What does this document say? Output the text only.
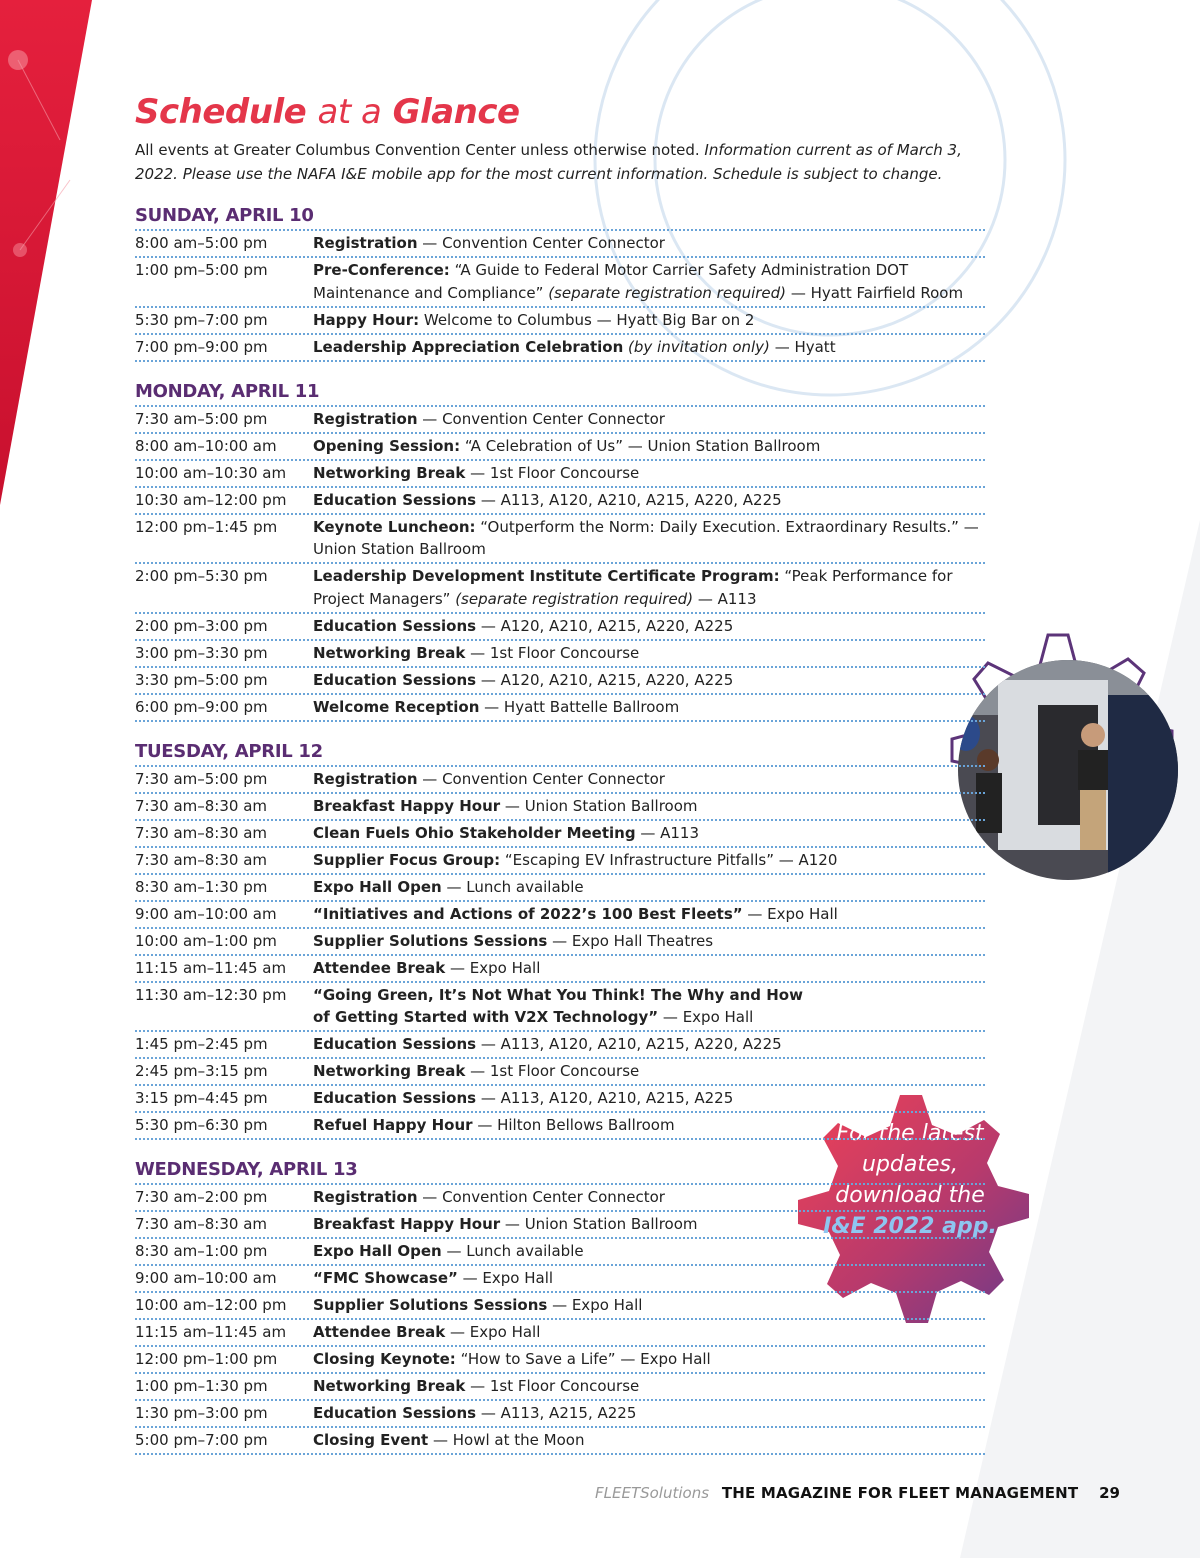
For the latest
updates,
download the
I&E 2022 app.
Schedule at a Glance
All events at Greater Columbus Convention Center unless otherwise noted. Information current as of March 3, 2022. Please use the NAFA I&E mobile app for the most current information. Schedule is subject to change.
SUNDAY, APRIL 10
8:00 am–5:00 pm	Registration — Convention Center Connector
1:00 pm–5:00 pm	Pre-Conference: “A Guide to Federal Motor Carrier Safety Administration DOT Maintenance and Compliance” (separate registration required) — Hyatt Fairfield Room
5:30 pm–7:00 pm	Happy Hour: Welcome to Columbus — Hyatt Big Bar on 2
7:00 pm–9:00 pm	Leadership Appreciation Celebration (by invitation only) — Hyatt
MONDAY, APRIL 11
7:30 am–5:00 pm	Registration — Convention Center Connector
8:00 am–10:00 am	Opening Session: “A Celebration of Us” — Union Station Ballroom
10:00 am–10:30 am	Networking Break — 1st Floor Concourse
10:30 am–12:00 pm	Education Sessions — A113, A120, A210, A215, A220, A225
12:00 pm–1:45 pm	Keynote Luncheon: “Outperform the Norm: Daily Execution. Extraordinary Results.” — Union Station Ballroom
2:00 pm–5:30 pm	Leadership Development Institute Certificate Program: “Peak Performance for Project Managers” (separate registration required) — A113
2:00 pm–3:00 pm	Education Sessions — A120, A210, A215, A220, A225
3:00 pm–3:30 pm	Networking Break — 1st Floor Concourse
3:30 pm–5:00 pm	Education Sessions — A120, A210, A215, A220, A225
6:00 pm–9:00 pm	Welcome Reception — Hyatt Battelle Ballroom
TUESDAY, APRIL 12
7:30 am–5:00 pm	Registration — Convention Center Connector
7:30 am–8:30 am	Breakfast Happy Hour — Union Station Ballroom
7:30 am–8:30 am	Clean Fuels Ohio Stakeholder Meeting — A113
7:30 am–8:30 am	Supplier Focus Group: “Escaping EV Infrastructure Pitfalls” — A120
8:30 am–1:30 pm	Expo Hall Open — Lunch available
9:00 am–10:00 am	“Initiatives and Actions of 2022’s 100 Best Fleets” — Expo Hall
10:00 am–1:00 pm	Supplier Solutions Sessions — Expo Hall Theatres
11:15 am–11:45 am	Attendee Break — Expo Hall
11:30 am–12:30 pm	“Going Green, It’s Not What You Think! The Why and How
of Getting Started with V2X Technology” — Expo Hall
1:45 pm–2:45 pm	Education Sessions — A113, A120, A210, A215, A220, A225
2:45 pm–3:15 pm	Networking Break — 1st Floor Concourse
3:15 pm–4:45 pm	Education Sessions — A113, A120, A210, A215, A225
5:30 pm–6:30 pm	Refuel Happy Hour — Hilton Bellows Ballroom
WEDNESDAY, APRIL 13
7:30 am–2:00 pm	Registration — Convention Center Connector
7:30 am–8:30 am	Breakfast Happy Hour — Union Station Ballroom
8:30 am–1:00 pm	Expo Hall Open — Lunch available
9:00 am–10:00 am	“FMC Showcase” — Expo Hall
10:00 am–12:00 pm	Supplier Solutions Sessions — Expo Hall
11:15 am–11:45 am	Attendee Break — Expo Hall
12:00 pm–1:00 pm	Closing Keynote: “How to Save a Life” — Expo Hall
1:00 pm–1:30 pm	Networking Break — 1st Floor Concourse
1:30 pm–3:00 pm	Education Sessions — A113, A215, A225
5:00 pm–7:00 pm	Closing Event — Howl at the Moon
FLEETSolutions THE MAGAZINE FOR FLEET MANAGEMENT 29
